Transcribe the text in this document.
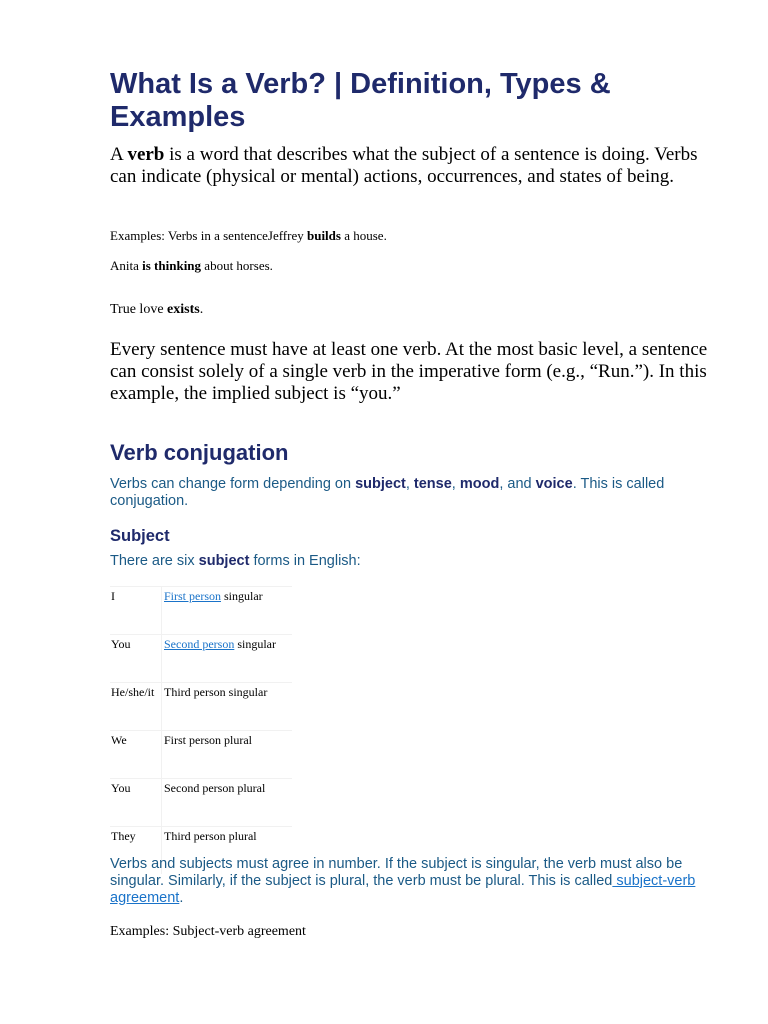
What Is a Verb? | Definition, Types & Examples

A verb is a word that describes what the subject of a sentence is doing. Verbs can indicate (physical or mental) actions, occurrences, and states of being.

Examples: Verbs in a sentenceJeffrey builds a house.

Anita is thinking about horses.

True love exists.

Every sentence must have at least one verb. At the most basic level, a sentence can consist solely of a single verb in the imperative form (e.g., “Run.”). In this example, the implied subject is “you.”

Verb conjugation

Verbs can change form depending on subject, tense, mood, and voice. This is called conjugation.

Subject

There are six subject forms in English:

I	First person singular
You	Second person singular
He/she/it	Third person singular
We	First person plural
You	Second person plural
They	Third person plural

Verbs and subjects must agree in number. If the subject is singular, the verb must also be singular. Similarly, if the subject is plural, the verb must be plural. This is called subject-verb agreement.

Examples: Subject-verb agreement
